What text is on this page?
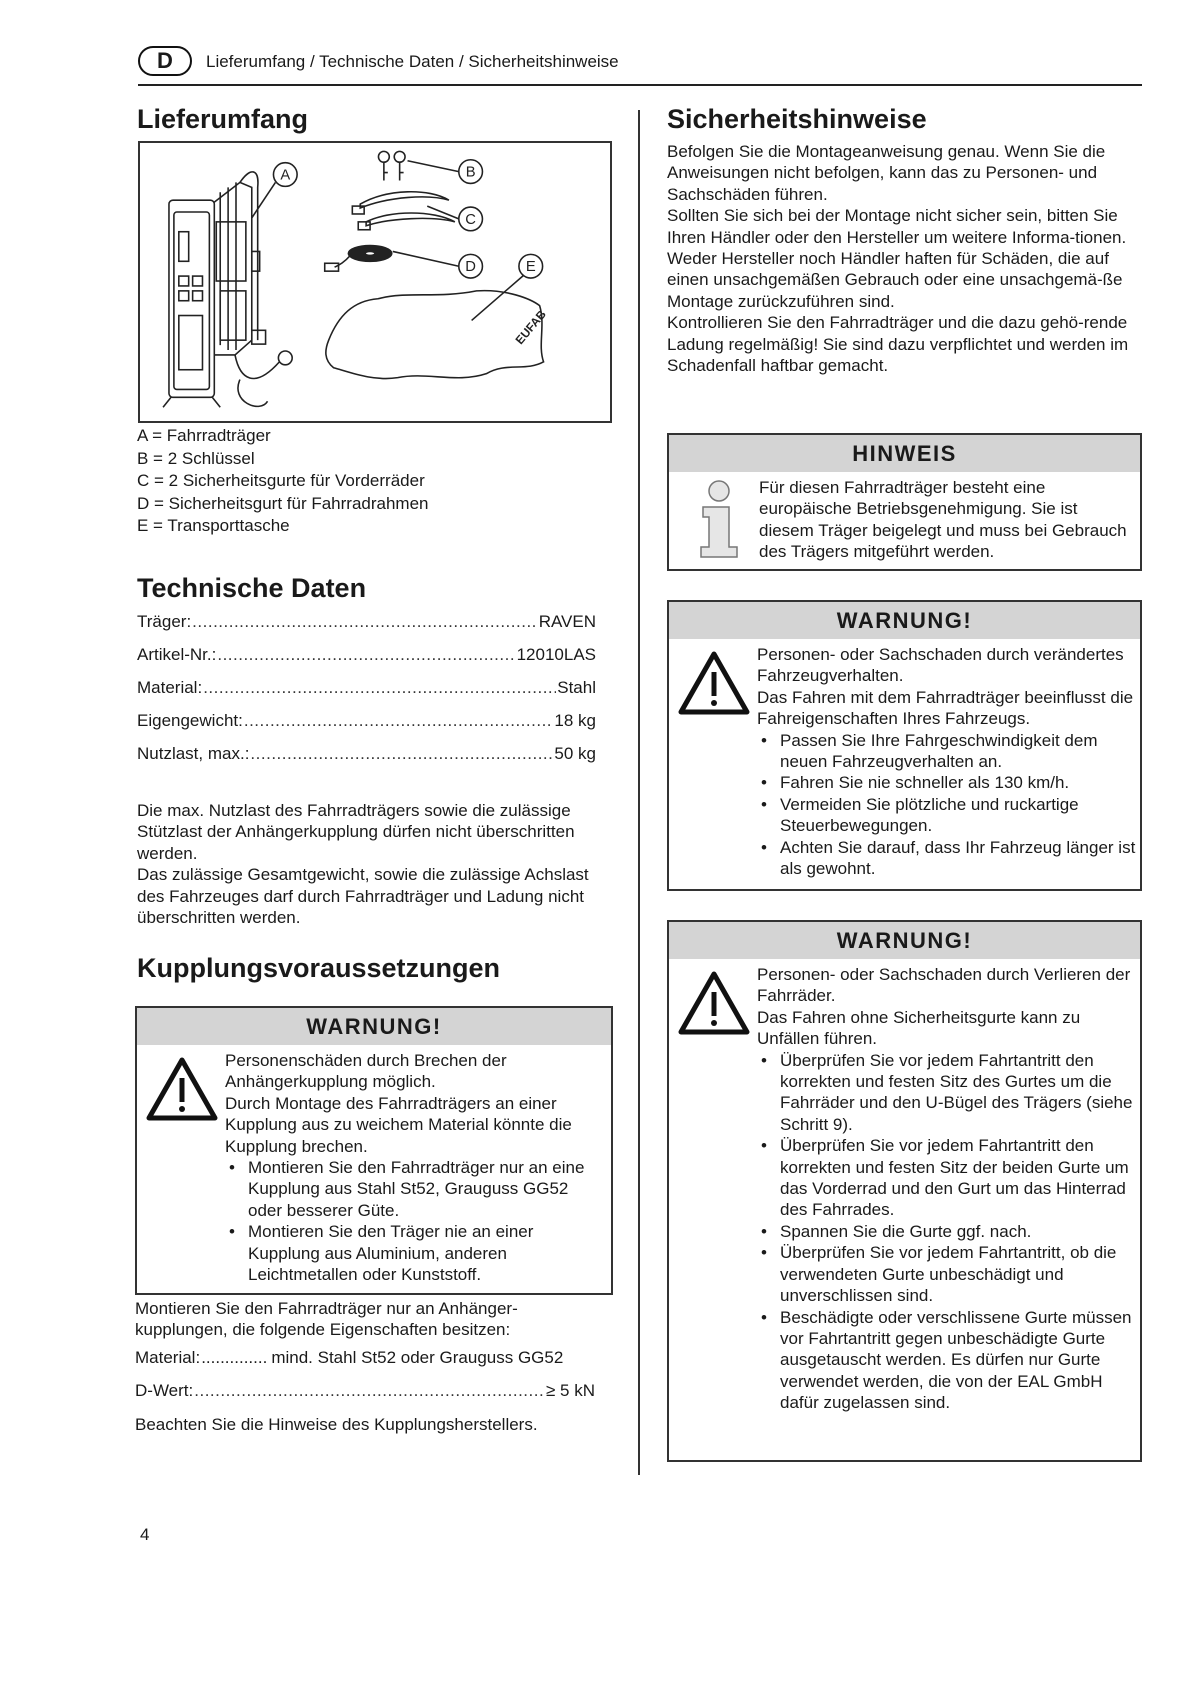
D	Lieferumfang / Technische Daten / Sicherheitshinweise
Lieferumfang
A	B
C
D	E
EUFAB
A = Fahrradträger
B = 2 Schlüssel
C = 2 Sicherheitsgurte für Vorderräder
D = Sicherheitsgurt für Fahrradrahmen
E = Transporttasche
Technische Daten
Träger: .....	RAVEN
Artikel-Nr.: .....	12010LAS
Material: .....	Stahl
Eigengewicht: .....	18 kg
Nutzlast, max.: .....	50 kg

Die max. Nutzlast des Fahrradträgers sowie die zulässige Stützlast der Anhängerkupplung dürfen nicht überschritten werden.

Das zulässige Gesamtgewicht, sowie die zulässige Achslast des Fahrzeuges darf durch Fahrradträger und Ladung nicht überschritten werden.

Kupplungsvoraussetzungen
WARNUNG!

Personenschäden durch Brechen der Anhängerkupplung möglich.

Durch Montage des Fahrradträgers an einer Kupplung aus zu weichem Material könnte die Kupplung brechen.

• Montieren Sie den Fahrradträger nur an eine Kupplung aus Stahl St52, Grauguss GG52 oder besserer Güte.
• Montieren Sie den Träger nie an einer Kupplung aus Aluminium, anderen Leichtmetallen oder Kunststoff.
Montieren Sie den Fahrradträger nur an Anhänger-kupplungen, die folgende Eigenschaften besitzen:
Material: .............. mind. Stahl St52 oder Grauguss GG52
D-Wert: .....	≥ 5 kN
Beachten Sie die Hinweise des Kupplungsherstellers.
Sicherheitshinweise

Befolgen Sie die Montageanweisung genau. Wenn Sie die Anweisungen nicht befolgen, kann das zu Personen- und Sachschäden führen.

Sollten Sie sich bei der Montage nicht sicher sein, bitten Sie Ihren Händler oder den Hersteller um weitere Informa-tionen.

Weder Hersteller noch Händler haften für Schäden, die auf einen unsachgemäßen Gebrauch oder eine unsachgemä-ße Montage zurückzuführen sind.

Kontrollieren Sie den Fahrradträger und die dazu gehö-rende Ladung regelmäßig! Sie sind dazu verpflichtet und werden im Schadenfall haftbar gemacht.

HINWEIS
Für diesen Fahrradträger besteht eine europäische Betriebsgenehmigung. Sie ist diesem Träger beigelegt und muss bei Gebrauch des Trägers mitgeführt werden.
WARNUNG!

Personen- oder Sachschaden durch verändertes Fahrzeugverhalten.

Das Fahren mit dem Fahrradträger beeinflusst die Fahreigenschaften Ihres Fahrzeugs.

• Passen Sie Ihre Fahrgeschwindigkeit dem neuen Fahrzeugverhalten an.
• Fahren Sie nie schneller als 130 km/h.
• Vermeiden Sie plötzliche und ruckartige Steuerbewegungen.
• Achten Sie darauf, dass Ihr Fahrzeug länger ist als gewohnt.
WARNUNG!

Personen- oder Sachschaden durch Verlieren der Fahrräder.

Das Fahren ohne Sicherheitsgurte kann zu Unfällen führen.

• Überprüfen Sie vor jedem Fahrtantritt den korrekten und festen Sitz des Gurtes um die Fahrräder und den U-Bügel des Trägers (siehe Schritt 9).
• Überprüfen Sie vor jedem Fahrtantritt den korrekten und festen Sitz der beiden Gurte um das Vorderrad und den Gurt um das Hinterrad des Fahrrades.
• Spannen Sie die Gurte ggf. nach.
• Überprüfen Sie vor jedem Fahrtantritt, ob die verwendeten Gurte unbeschädigt und unverschlissen sind.
• Beschädigte oder verschlissene Gurte müssen vor Fahrtantritt gegen unbeschädigte Gurte ausgetauscht werden. Es dürfen nur Gurte verwendet werden, die von der EAL GmbH dafür zugelassen sind.
4
